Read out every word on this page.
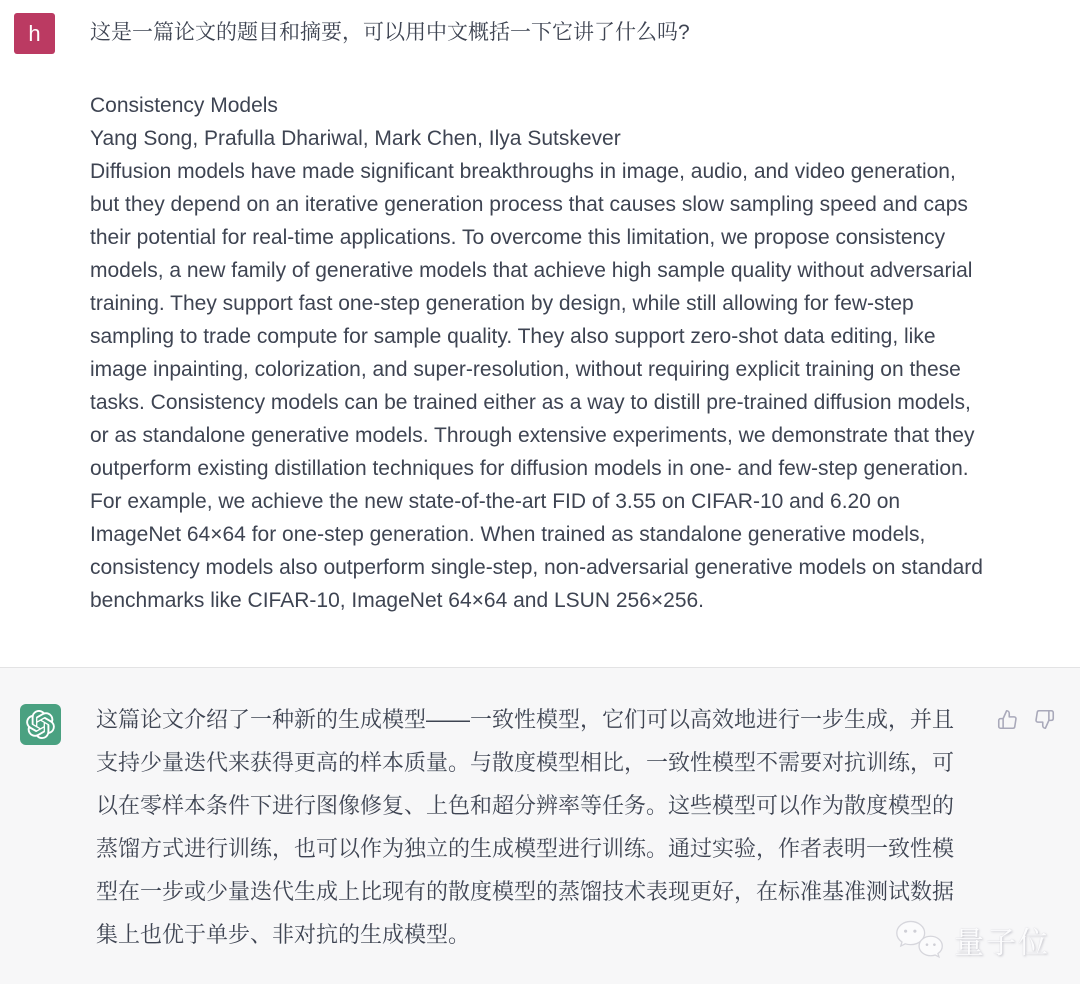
h 这是一篇论文的题目和摘要，可以用中文概括一下它讲了什么吗?

Consistency Models

Yang Song, Prafulla Dhariwal, Mark Chen, Ilya Sutskever

Diffusion models have made significant breakthroughs in image, audio, and video generation, but they depend on an iterative generation process that causes slow sampling speed and caps their potential for real-time applications. To overcome this limitation, we propose consistency models, a new family of generative models that achieve high sample quality without adversarial training. They support fast one-step generation by design, while still allowing for few-step sampling to trade compute for sample quality. They also support zero-shot data editing, like image inpainting, colorization, and super-resolution, without requiring explicit training on these tasks. Consistency models can be trained either as a way to distill pre-trained diffusion models, or as standalone generative models. Through extensive experiments, we demonstrate that they outperform existing distillation techniques for diffusion models in one- and few-step generation. For example, we achieve the new state-of-the-art FID of 3.55 on CIFAR-10 and 6.20 on ImageNet 64×64 for one-step generation. When trained as standalone generative models, consistency models also outperform single-step, non-adversarial generative models on standard benchmarks like CIFAR-10, ImageNet 64×64 and LSUN 256×256.

这篇论文介绍了一种新的生成模型——一致性模型，它们可以高效地进行一步生成，并且支持少量迭代来获得更高的样本质量。与散度模型相比，一致性模型不需要对抗训练，可以在零样本条件下进行图像修复、上色和超分辨率等任务。这些模型可以作为散度模型的蒸馏方式进行训练，也可以作为独立的生成模型进行训练。通过实验，作者表明一致性模型在一步或少量迭代生成上比现有的散度模型的蒸馏技术表现更好，在标准基准测试数据集上也优于单步、非对抗的生成模型。	量子位
